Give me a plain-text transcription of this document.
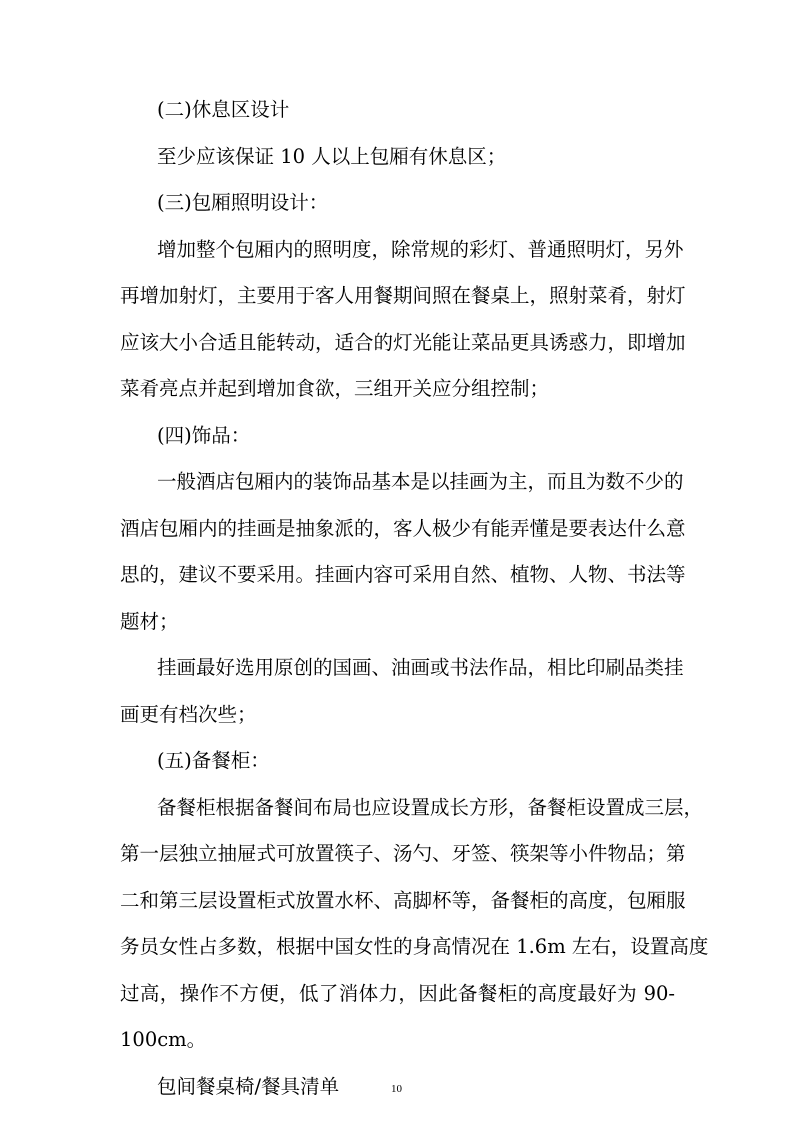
(二)休息区设计
至少应该保证 10 人以上包厢有休息区；
(三)包厢照明设计：
增加整个包厢内的照明度，除常规的彩灯、普通照明灯，另外
再增加射灯，主要用于客人用餐期间照在餐桌上，照射菜肴，射灯
应该大小合适且能转动，适合的灯光能让菜品更具诱惑力，即增加
菜肴亮点并起到增加食欲，三组开关应分组控制；
(四)饰品：
一般酒店包厢内的装饰品基本是以挂画为主，而且为数不少的
酒店包厢内的挂画是抽象派的，客人极少有能弄懂是要表达什么意
思的，建议不要采用。挂画内容可采用自然、植物、人物、书法等
题材；
挂画最好选用原创的国画、油画或书法作品，相比印刷品类挂
画更有档次些；
(五)备餐柜：
备餐柜根据备餐间布局也应设置成长方形，备餐柜设置成三层，
第一层独立抽屉式可放置筷子、汤勺、牙签、筷架等小件物品；第
二和第三层设置柜式放置水杯、高脚杯等，备餐柜的高度，包厢服
务员女性占多数，根据中国女性的身高情况在 1.6m 左右，设置高度
过高，操作不方便，低了消体力，因此备餐柜的高度最好为 90-
100cm。
包间餐桌椅/餐具清单	10
